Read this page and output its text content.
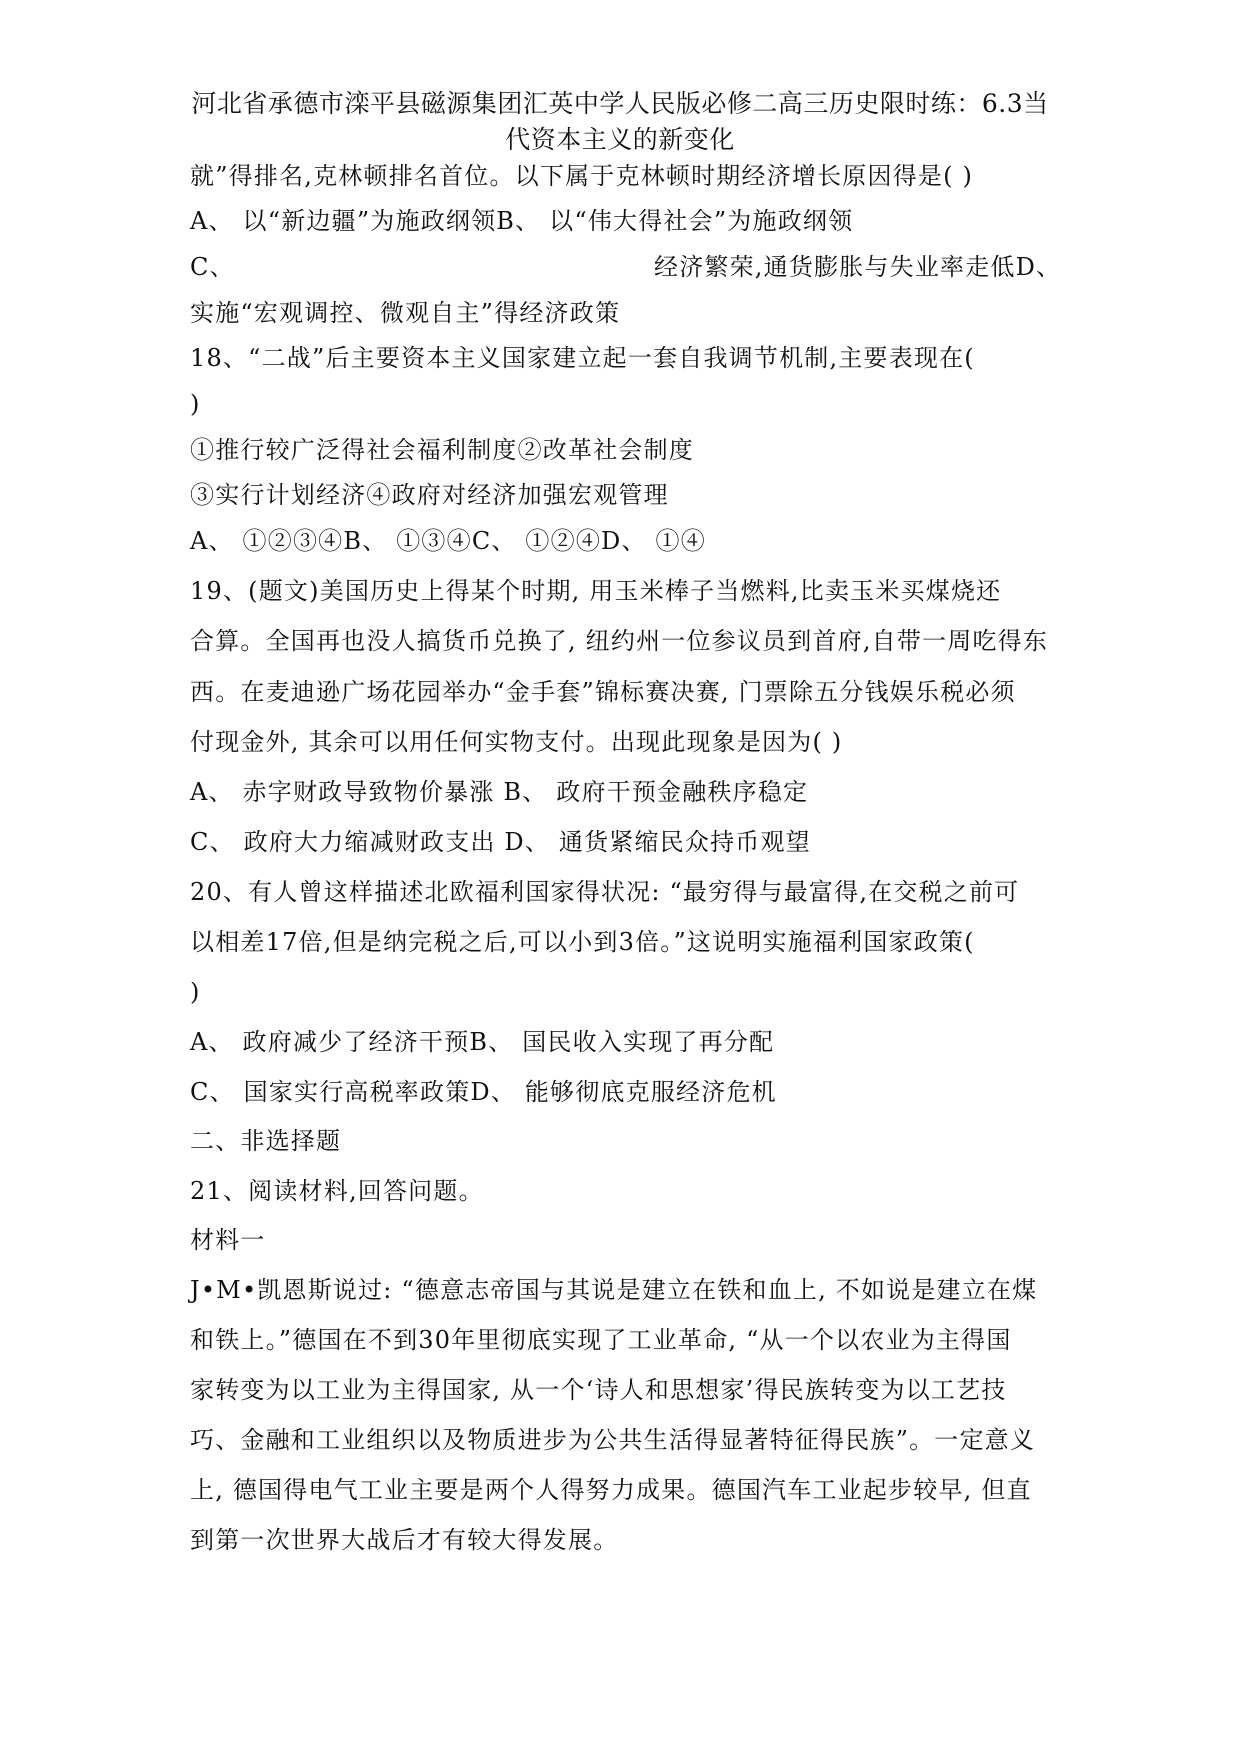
河北省承德市滦平县磁源集团汇英中学人民版必修二高三历史限时练：6.3当代资本主义的新变化
就”得排名,克林顿排名首位。以下属于克林顿时期经济增长原因得是( )
A、 以“新边疆”为施政纲领B、 以“伟大得社会”为施政纲领
C、	经济繁荣,通货膨胀与失业率走低D、
实施“宏观调控、微观自主”得经济政策
18、“二战”后主要资本主义国家建立起一套自我调节机制,主要表现在(
)
①推行较广泛得社会福利制度②改革社会制度
③实行计划经济④政府对经济加强宏观管理
A、 ①②③④B、 ①③④C、 ①②④D、 ①④
19、(题文)美国历史上得某个时期, 用玉米棒子当燃料,比卖玉米买煤烧还
合算。全国再也没人搞货币兑换了, 纽约州一位参议员到首府,自带一周吃得东
西。在麦迪逊广场花园举办“金手套”锦标赛决赛, 门票除五分钱娱乐税必须
付现金外, 其余可以用任何实物支付。出现此现象是因为( )
A、 赤字财政导致物价暴涨 B、 政府干预金融秩序稳定
C、 政府大力缩减财政支出 D、 通货紧缩民众持币观望
20、有人曾这样描述北欧福利国家得状况: “最穷得与最富得,在交税之前可
以相差17倍,但是纳完税之后,可以小到3倍。”这说明实施福利国家政策(
)
A、 政府减少了经济干预B、 国民收入实现了再分配
C、 国家实行高税率政策D、 能够彻底克服经济危机
二、非选择题
21、阅读材料,回答问题。
材料一
J•M•凯恩斯说过: “德意志帝国与其说是建立在铁和血上, 不如说是建立在煤
和铁上。”德国在不到30年里彻底实现了工业革命, “从一个以农业为主得国
家转变为以工业为主得国家, 从一个‘诗人和思想家’得民族转变为以工艺技
巧、金融和工业组织以及物质进步为公共生活得显著特征得民族”。一定意义
上, 德国得电气工业主要是两个人得努力成果。德国汽车工业起步较早, 但直
到第一次世界大战后才有较大得发展。
